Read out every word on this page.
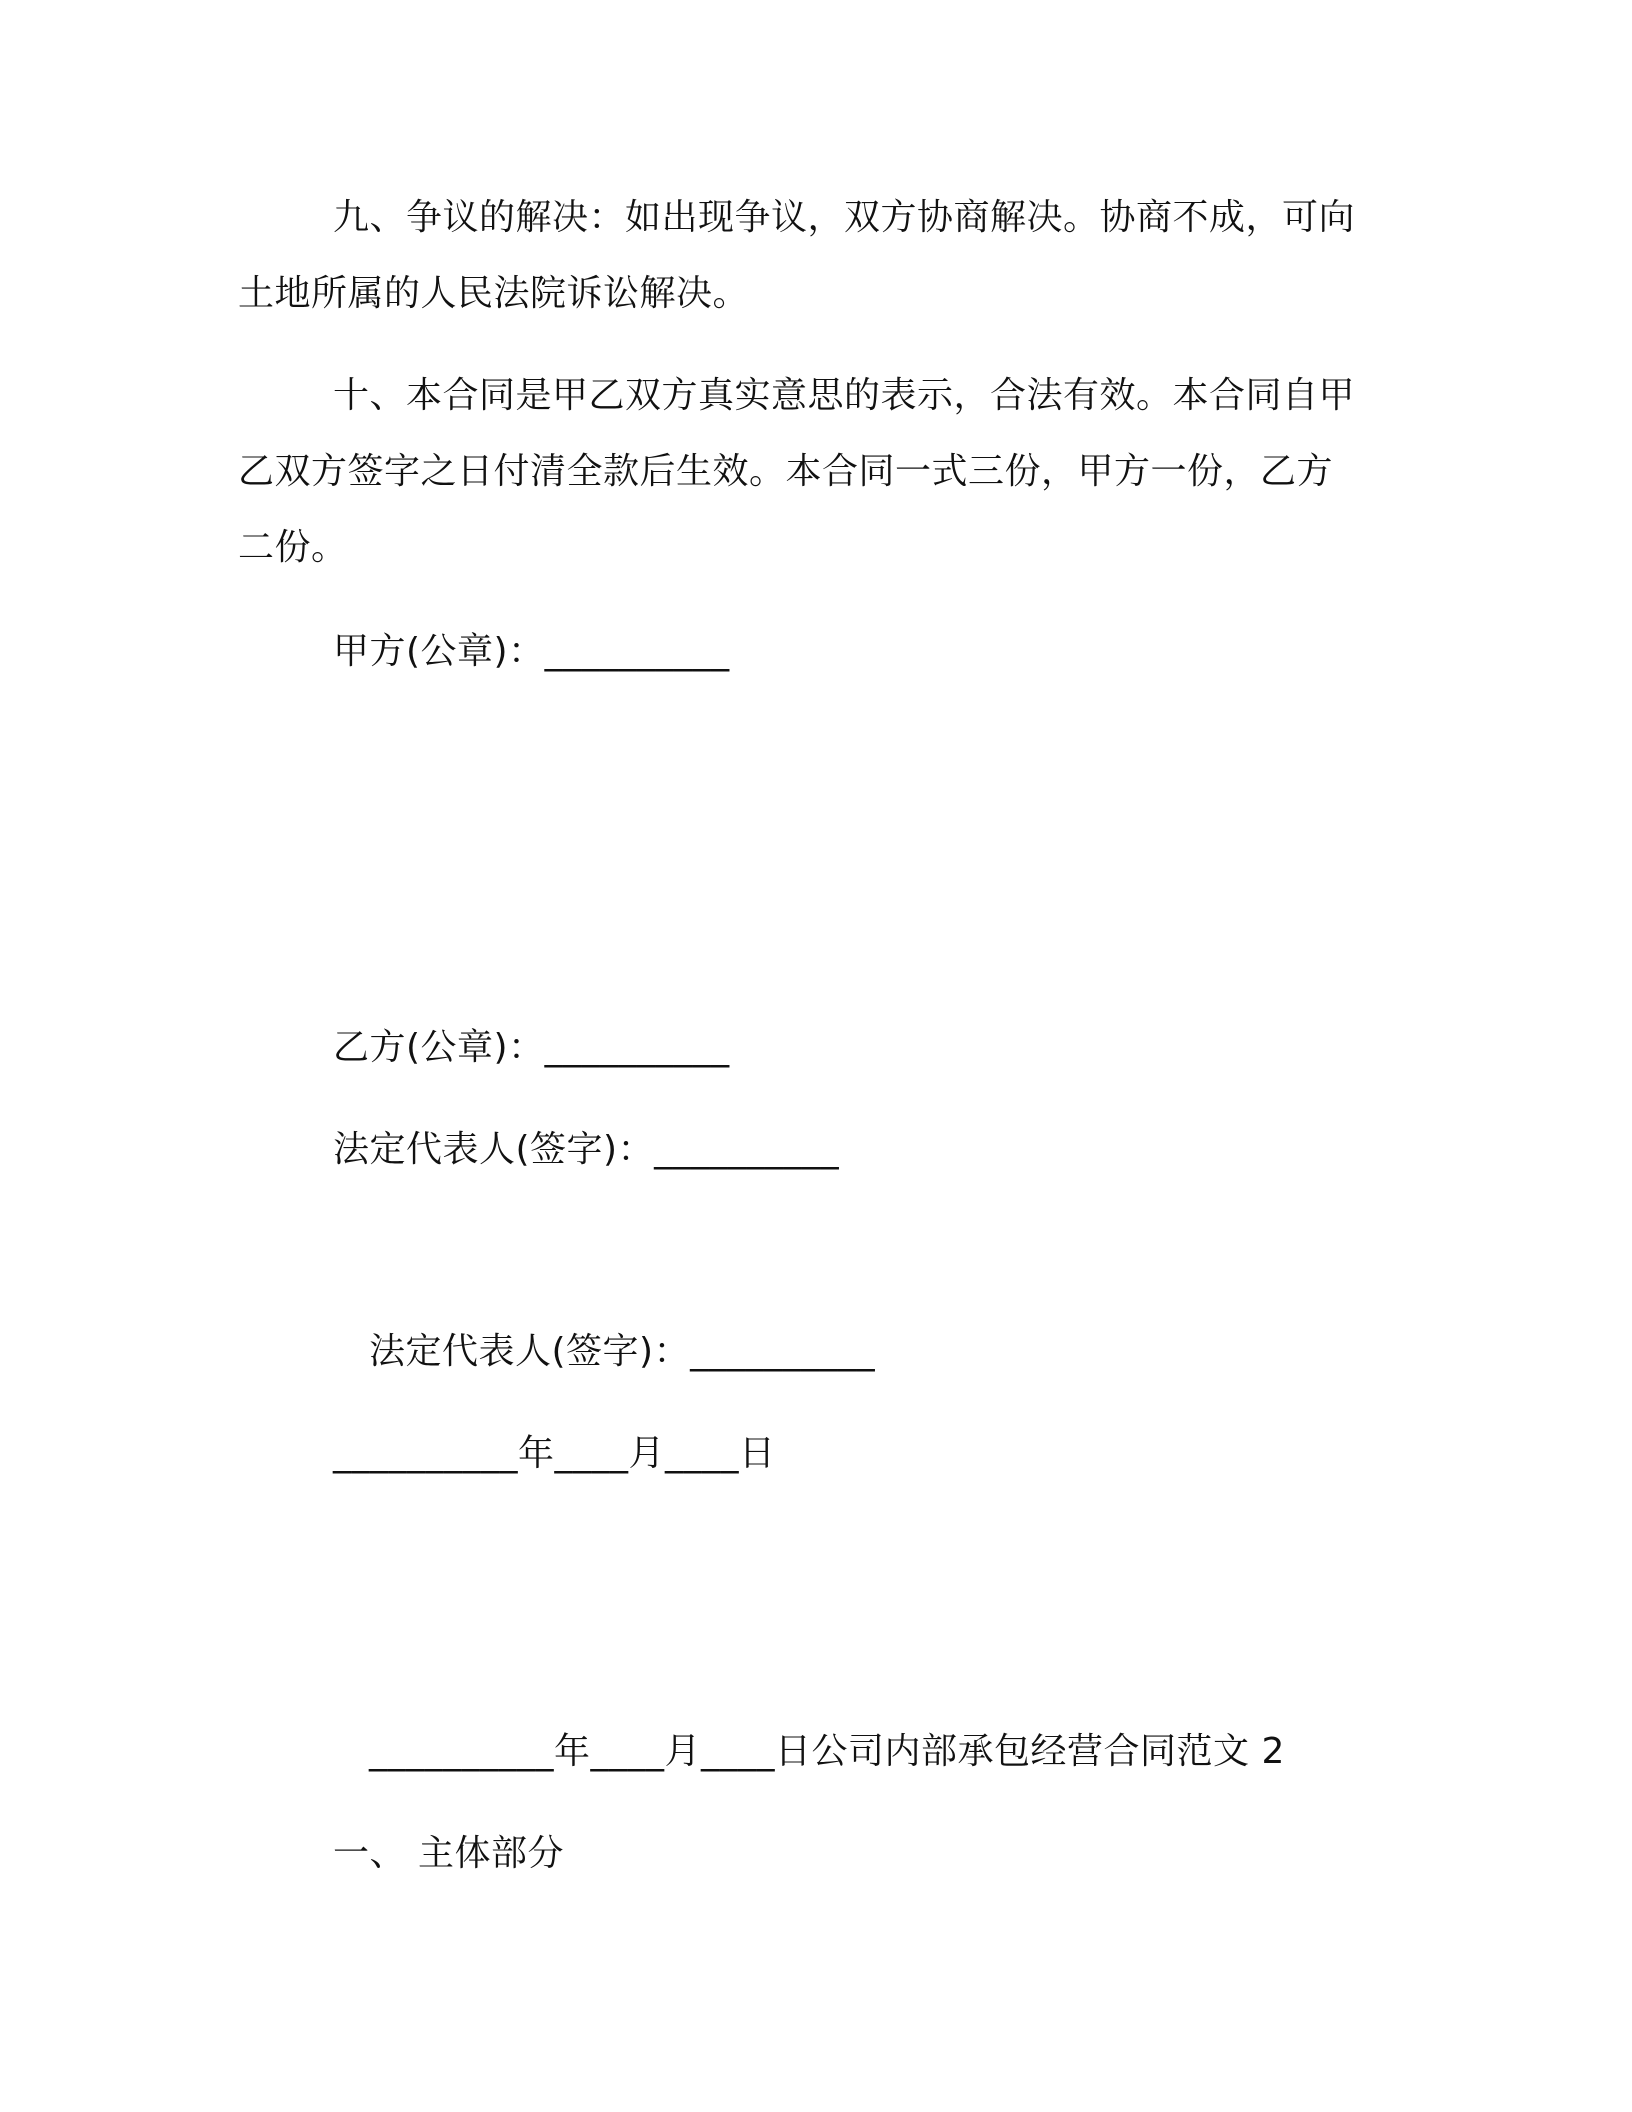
九、争议的解决：如出现争议，双方协商解决。协商不成，可向
土地所属的人民法院诉讼解决。
十、本合同是甲乙双方真实意思的表示，合法有效。本合同自甲
乙双方签字之日付清全款后生效。本合同一式三份，甲方一份，乙方
二份。
甲方(公章)：__________
乙方(公章)：__________
法定代表人(签字)：__________
法定代表人(签字)：__________
__________年____月____日
__________年____月____日公司内部承包经营合同范文 2
一、 主体部分
